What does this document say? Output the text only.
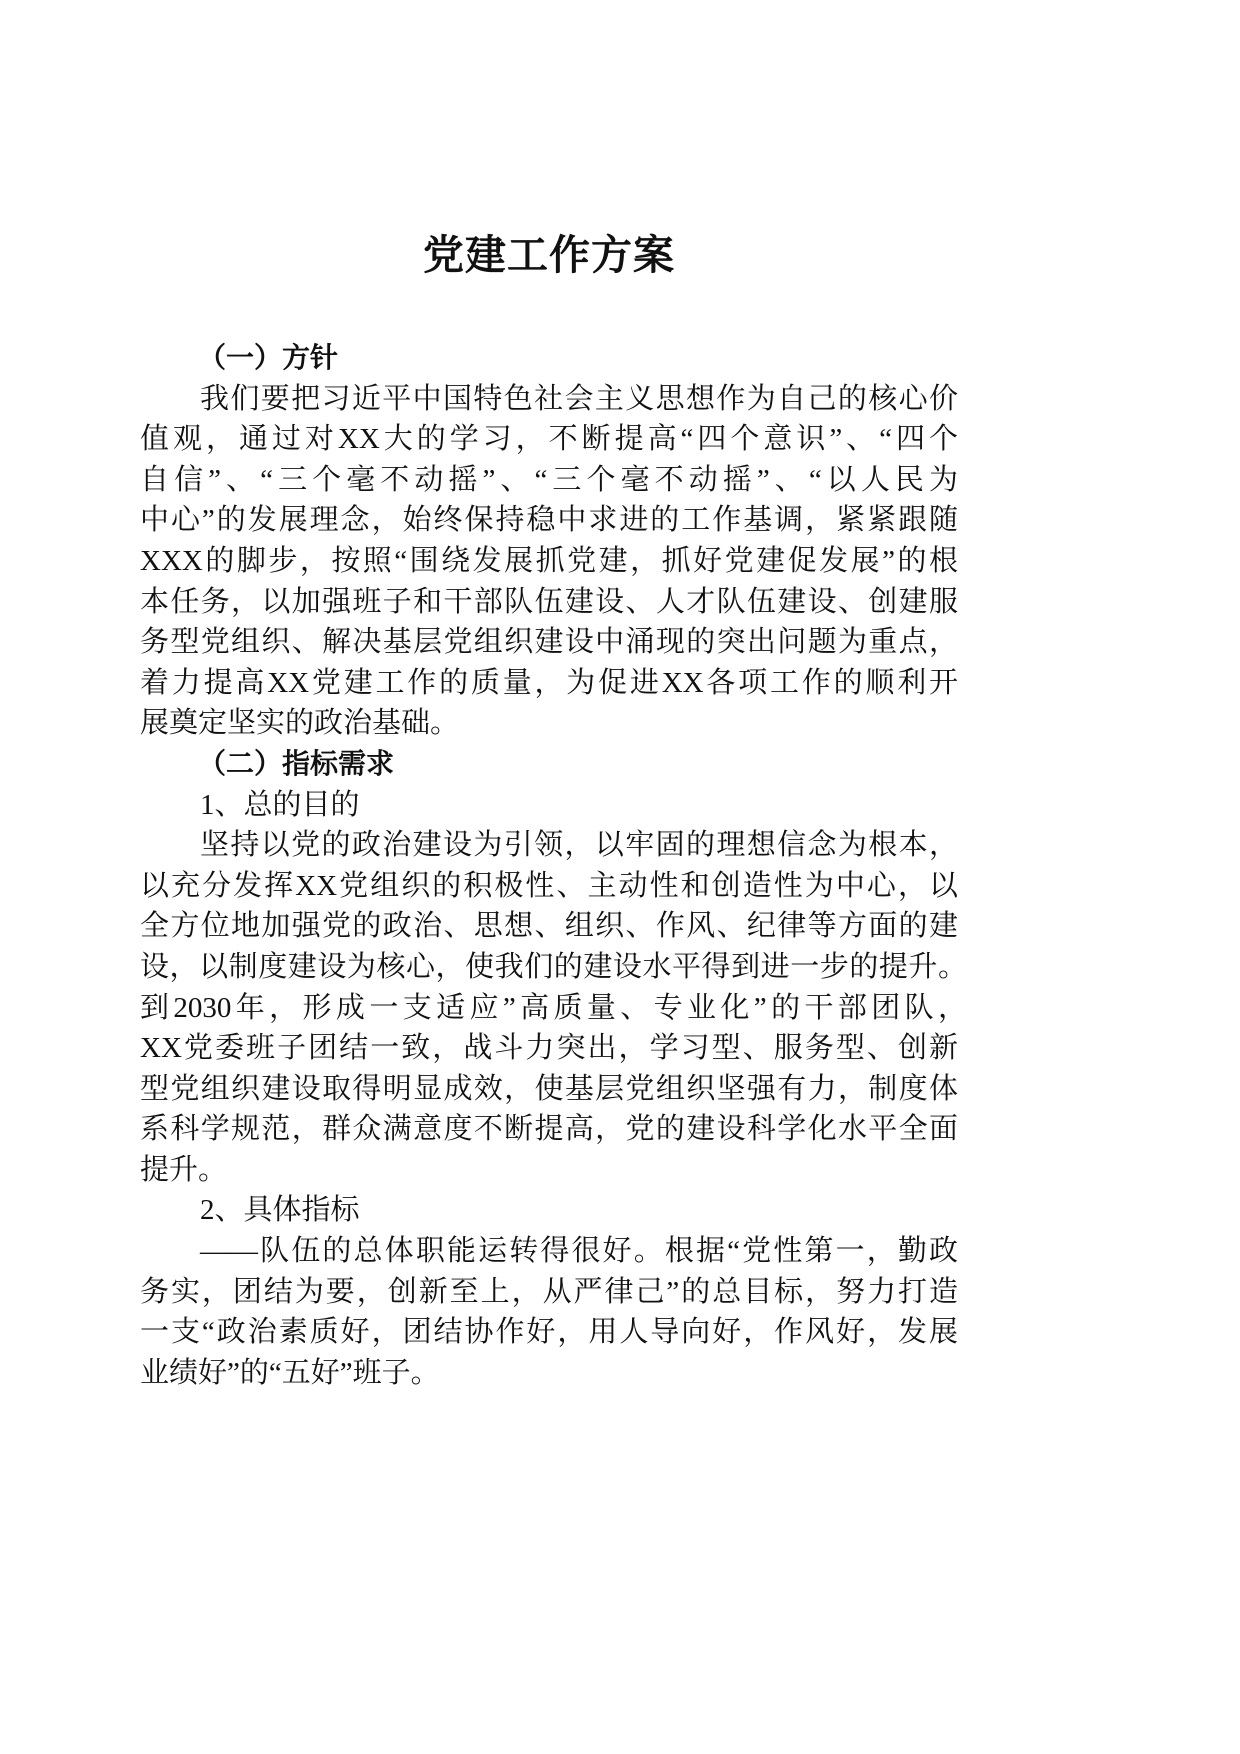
党建工作方案
（一）方针
我们要把习近平中国特色社会主义思想作为自己的核心价
值观，通过对XX大的学习，不断提高“四个意识”、“四个
自信”、“三个毫不动摇”、“三个毫不动摇”、“以人民为
中心”的发展理念，始终保持稳中求进的工作基调，紧紧跟随
XXX的脚步，按照“围绕发展抓党建，抓好党建促发展”的根
本任务，以加强班子和干部队伍建设、人才队伍建设、创建服
务型党组织、解决基层党组织建设中涌现的突出问题为重点，
着力提高XX党建工作的质量，为促进XX各项工作的顺利开
展奠定坚实的政治基础。
（二）指标需求
1、总的目的
坚持以党的政治建设为引领，以牢固的理想信念为根本，
以充分发挥XX党组织的积极性、主动性和创造性为中心，以
全方位地加强党的政治、思想、组织、作风、纪律等方面的建
设，以制度建设为核心，使我们的建设水平得到进一步的提升。
到2030年，形成一支适应”高质量、专业化”的干部团队，
XX党委班子团结一致，战斗力突出，学习型、服务型、创新
型党组织建设取得明显成效，使基层党组织坚强有力，制度体
系科学规范，群众满意度不断提高，党的建设科学化水平全面
提升。
2、具体指标
——队伍的总体职能运转得很好。根据“党性第一，勤政
务实，团结为要，创新至上，从严律己”的总目标，努力打造
一支“政治素质好，团结协作好，用人导向好，作风好，发展
业绩好”的“五好”班子。
